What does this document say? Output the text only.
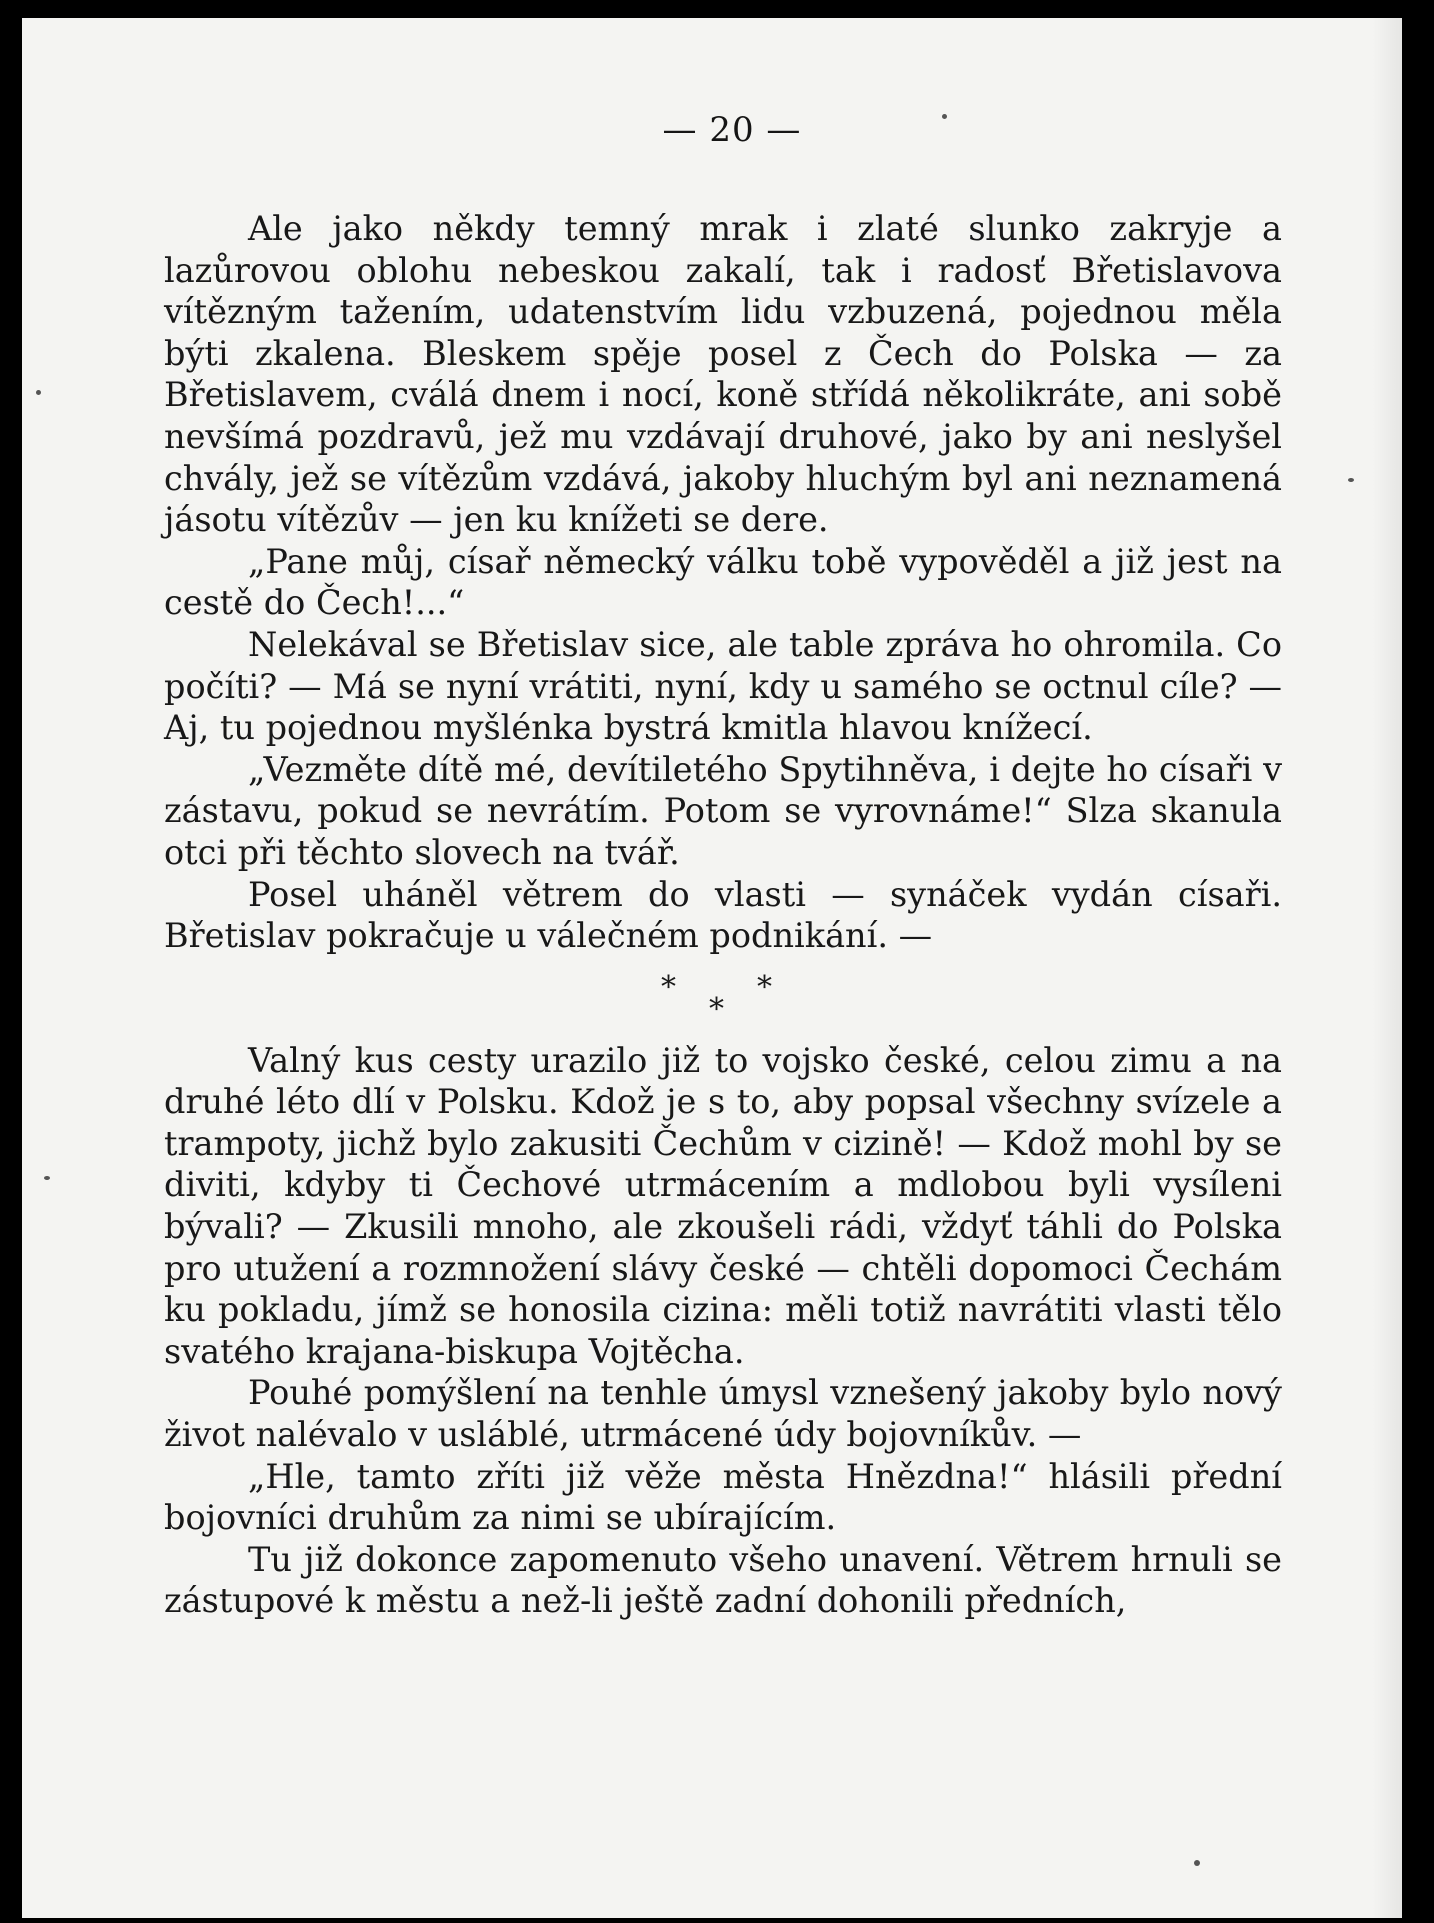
— 20 —

Ale jako někdy temný mrak i zlaté slunko zakryje a lazůrovou oblohu nebeskou zakalí, tak i radosť Břetislavova vítězným tažením, udatenstvím lidu vzbuzená, pojednou měla býti zkalena. Bleskem spěje posel z Čech do Polska — za Břetislavem, cválá dnem i nocí, koně střídá několikráte, ani sobě nevšímá pozdravů, jež mu vzdávají druhové, jako by ani neslyšel chvály, jež se vítězům vzdává, jakoby hluchým byl ani neznamená jásotu vítězův — jen ku knížeti se dere.

„Pane můj, císař německý válku tobě vypověděl a již jest na cestě do Čech!...“

Nelekával se Břetislav sice, ale table zpráva ho ohromila. Co počíti? — Má se nyní vrátiti, nyní, kdy u samého se octnul cíle? — Aj, tu pojednou myšlénka bystrá kmitla hlavou knížecí.

„Vezměte dítě mé, devítiletého Spytihněva, i dejte ho císaři v zástavu, pokud se nevrátím. Potom se vyrovnáme!“ Slza skanula otci při těchto slovech na tvář.

Posel uháněl větrem do vlasti — synáček vydán císaři. Břetislav pokračuje u válečném podnikání. —

*	*
*

Valný kus cesty urazilo již to vojsko české, celou zimu a na druhé léto dlí v Polsku. Kdož je s to, aby popsal všechny svízele a trampoty, jichž bylo zakusiti Čechům v cizině! — Kdož mohl by se diviti, kdyby ti Čechové utrmácením a mdlobou byli vysíleni bývali? — Zkusili mnoho, ale zkoušeli rádi, vždyť táhli do Polska pro utužení a rozmnožení slávy české — chtěli dopomoci Čechám ku pokladu, jímž se honosila cizina: měli totiž navrátiti vlasti tělo svatého krajana-biskupa Vojtěcha.

Pouhé pomýšlení na tenhle úmysl vznešený jakoby bylo nový život nalévalo v usláblé, utrmácené údy bojovníkův. —

„Hle, tamto zříti již věže města Hnězdna!“ hlásili přední bojovníci druhům za nimi se ubírajícím.

Tu již dokonce zapomenuto všeho unavení. Větrem hrnuli se zástupové k městu a než-li ještě zadní dohonili předních,
